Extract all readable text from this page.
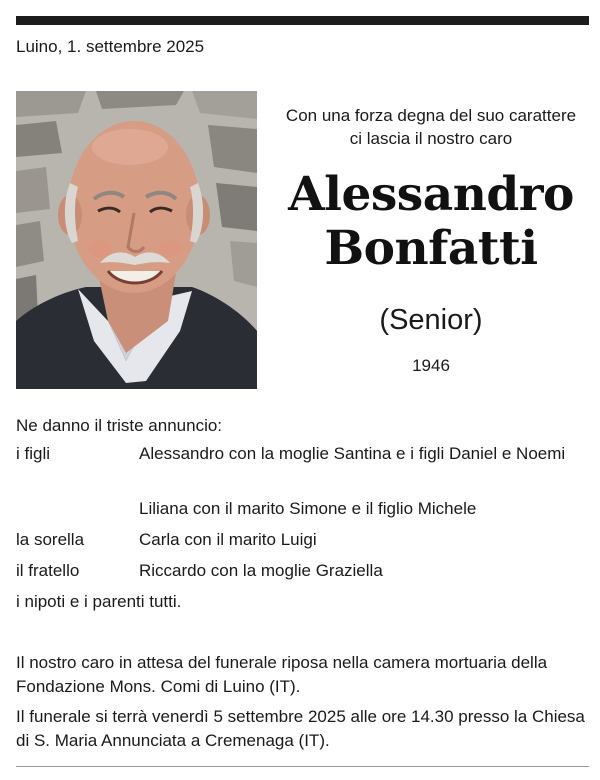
Luino, 1. settembre 2025
Con una forza degna del suo carattere
ci lascia il nostro caro
Alessandro
Bonfatti
(Senior)
1946
Ne danno il triste annuncio:
i figli	Alessandro con la moglie Santina e i figli Daniel e Noemi
Liliana con il marito Simone e il figlio Michele
la sorella	Carla con il marito Luigi
il fratello	Riccardo con la moglie Graziella
i nipoti e i parenti tutti.
Il nostro caro in attesa del funerale riposa nella camera mortuaria della Fondazione Mons. Comi di Luino (IT).
Il funerale si terrà venerdì 5 settembre 2025 alle ore 14.30 presso la Chiesa di S. Maria Annunciata a Cremenaga (IT).
